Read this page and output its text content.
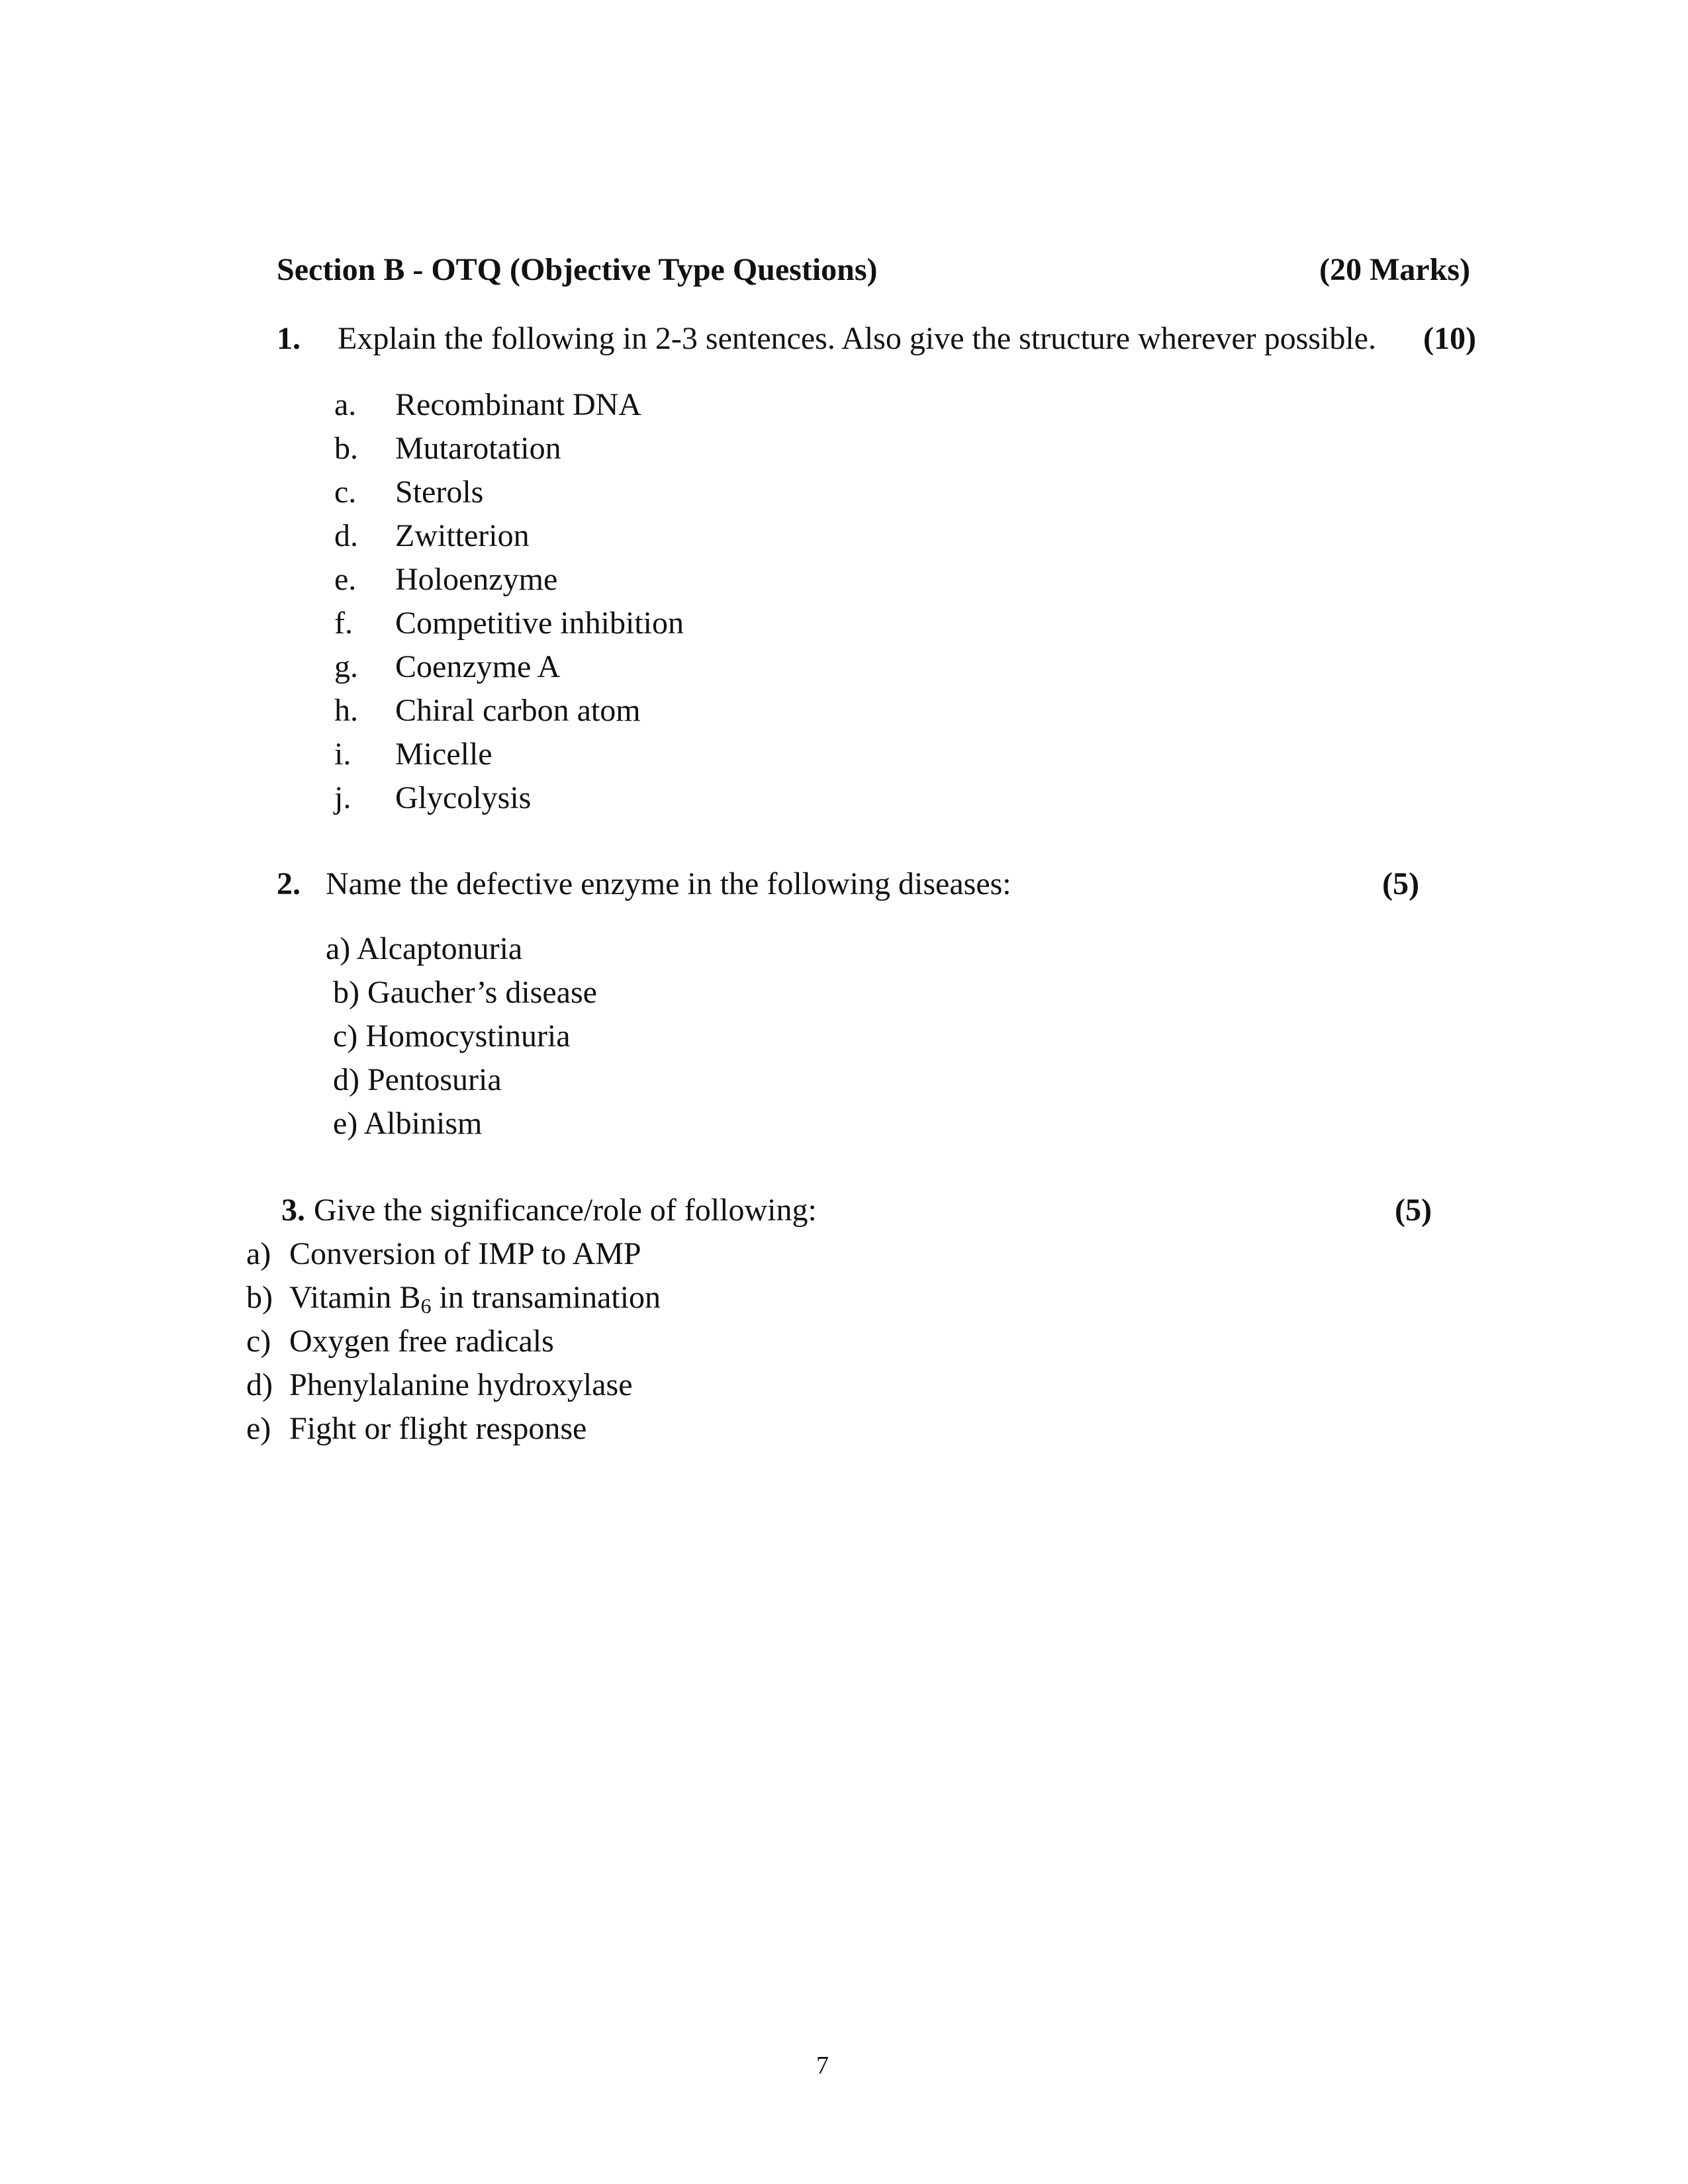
Section B - OTQ (Objective Type Questions)	(20 Marks)
1. Explain the following in 2-3 sentences. Also give the structure wherever possible. (10)
a. Recombinant DNA
b. Mutarotation
c. Sterols
d. Zwitterion
e. Holoenzyme
f. Competitive inhibition
g. Coenzyme A
h. Chiral carbon atom
i. Micelle
j. Glycolysis
2. Name the defective enzyme in the following diseases:	(5)
a) Alcaptonuria
b) Gaucher’s disease
c) Homocystinuria
d) Pentosuria
e) Albinism
3. Give the significance/role of following:	(5)
a) Conversion of IMP to AMP
b) Vitamin $B_6$ in transamination
c) Oxygen free radicals
d) Phenylalanine hydroxylase
e) Fight or flight response
7
